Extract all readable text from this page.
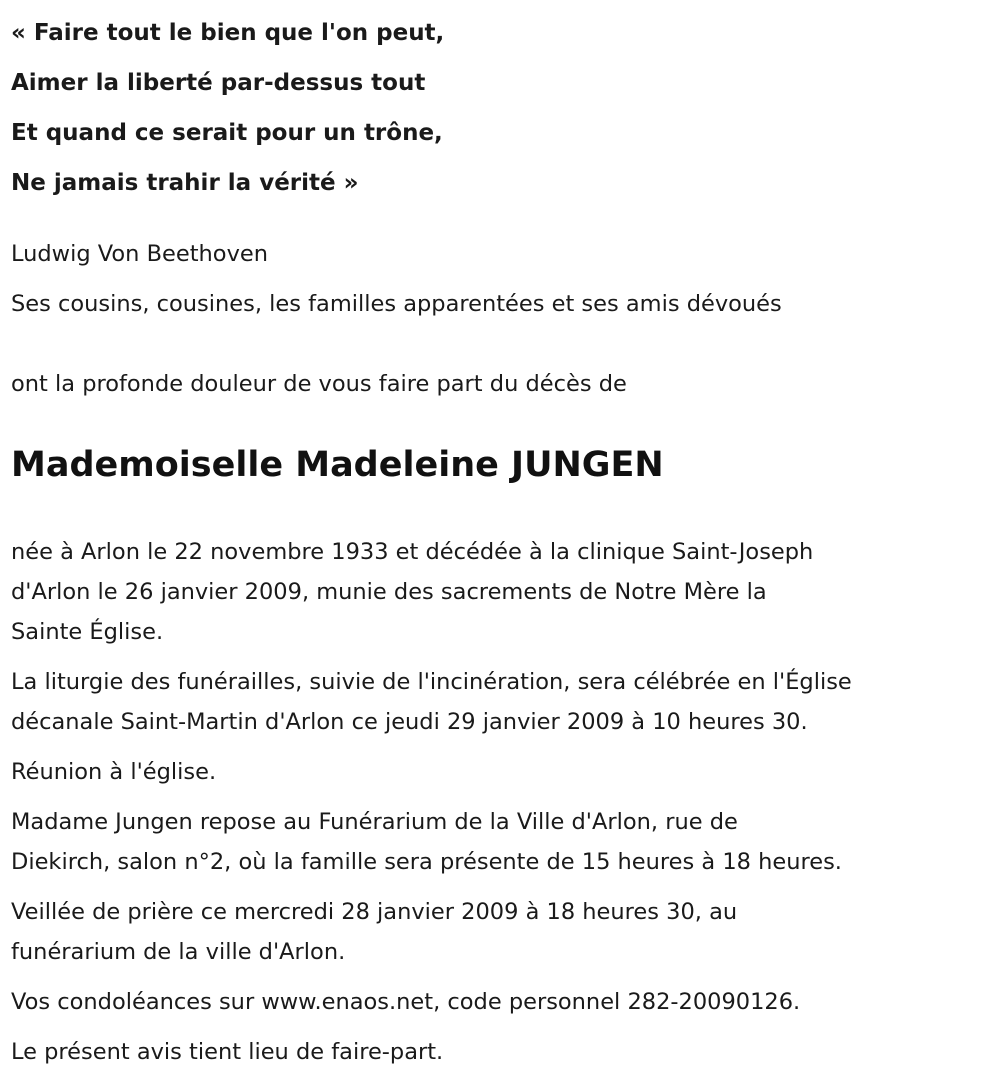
« Faire tout le bien que l'on peut,

Aimer la liberté par-dessus tout

Et quand ce serait pour un trône,

Ne jamais trahir la vérité »

Ludwig Von Beethoven

Ses cousins, cousines, les familles apparentées et ses amis dévoués

ont la profonde douleur de vous faire part du décès de

Mademoiselle Madeleine JUNGEN

née à Arlon le 22 novembre 1933 et décédée à la clinique Saint-Joseph
d'Arlon le 26 janvier 2009, munie des sacrements de Notre Mère la
Sainte Église.

La liturgie des funérailles, suivie de l'incinération, sera célébrée en l'Église
décanale Saint-Martin d'Arlon ce jeudi 29 janvier 2009 à 10 heures 30.

Réunion à l'église.

Madame Jungen repose au Funérarium de la Ville d'Arlon, rue de
Diekirch, salon n°2, où la famille sera présente de 15 heures à 18 heures.

Veillée de prière ce mercredi 28 janvier 2009 à 18 heures 30, au
funérarium de la ville d'Arlon.

Vos condoléances sur www.enaos.net, code personnel 282-20090126.

Le présent avis tient lieu de faire-part.
